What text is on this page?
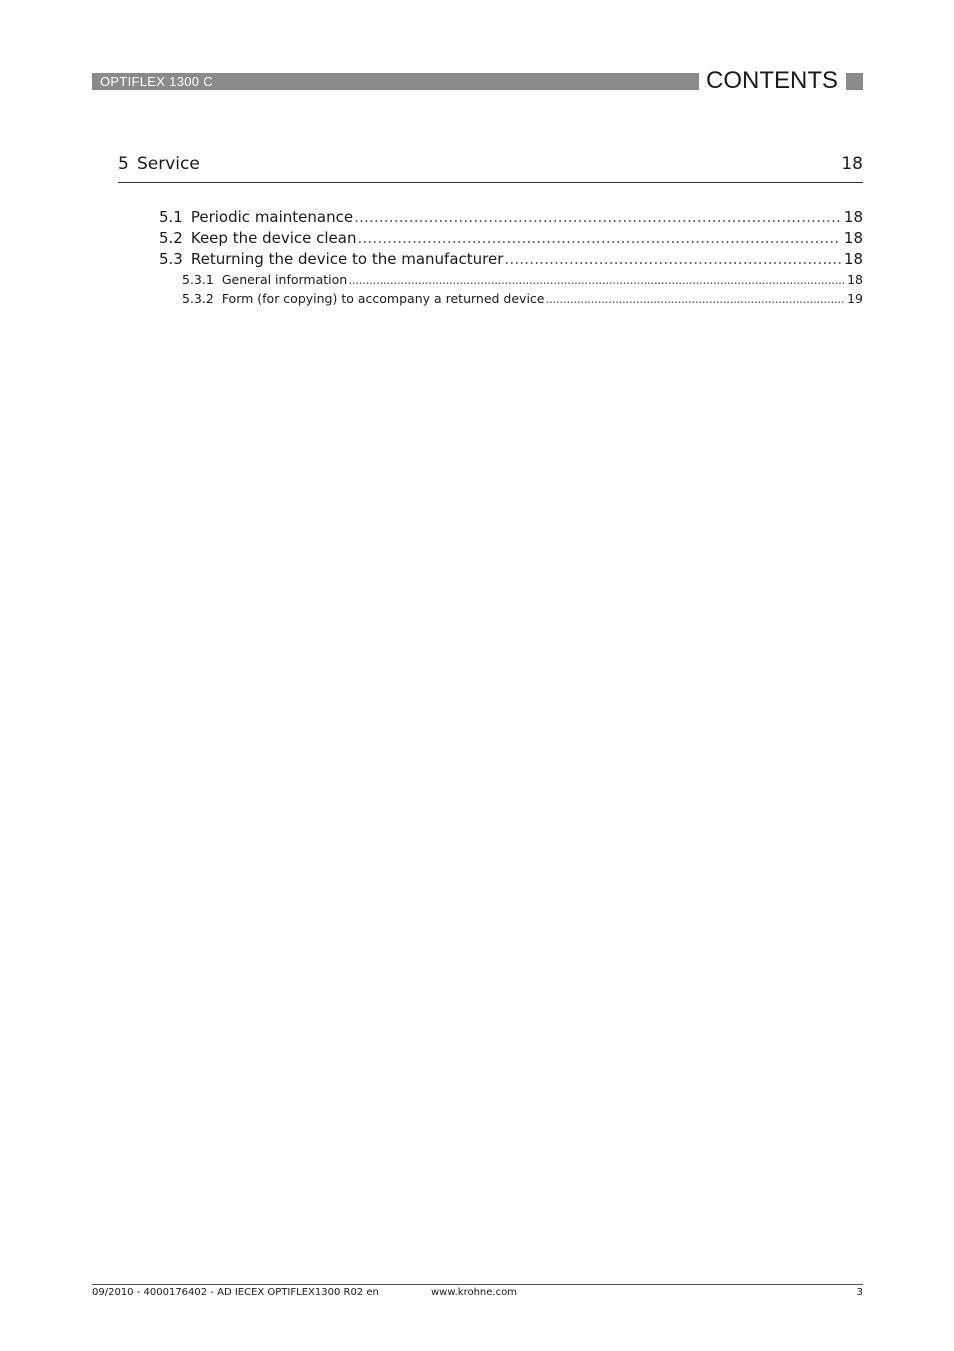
OPTIFLEX 1300 C	CONTENTS
5 Service	18
5.1 Periodic maintenance .....	18
5.2 Keep the device clean .....	18
5.3 Returning the device to the manufacturer .....	18
5.3.1 General information .....	18
5.3.2 Form (for copying) to accompany a returned device .....	19
09/2010 - 4000176402 - AD IECEX OPTIFLEX1300 R02 en	www.krohne.com	3
